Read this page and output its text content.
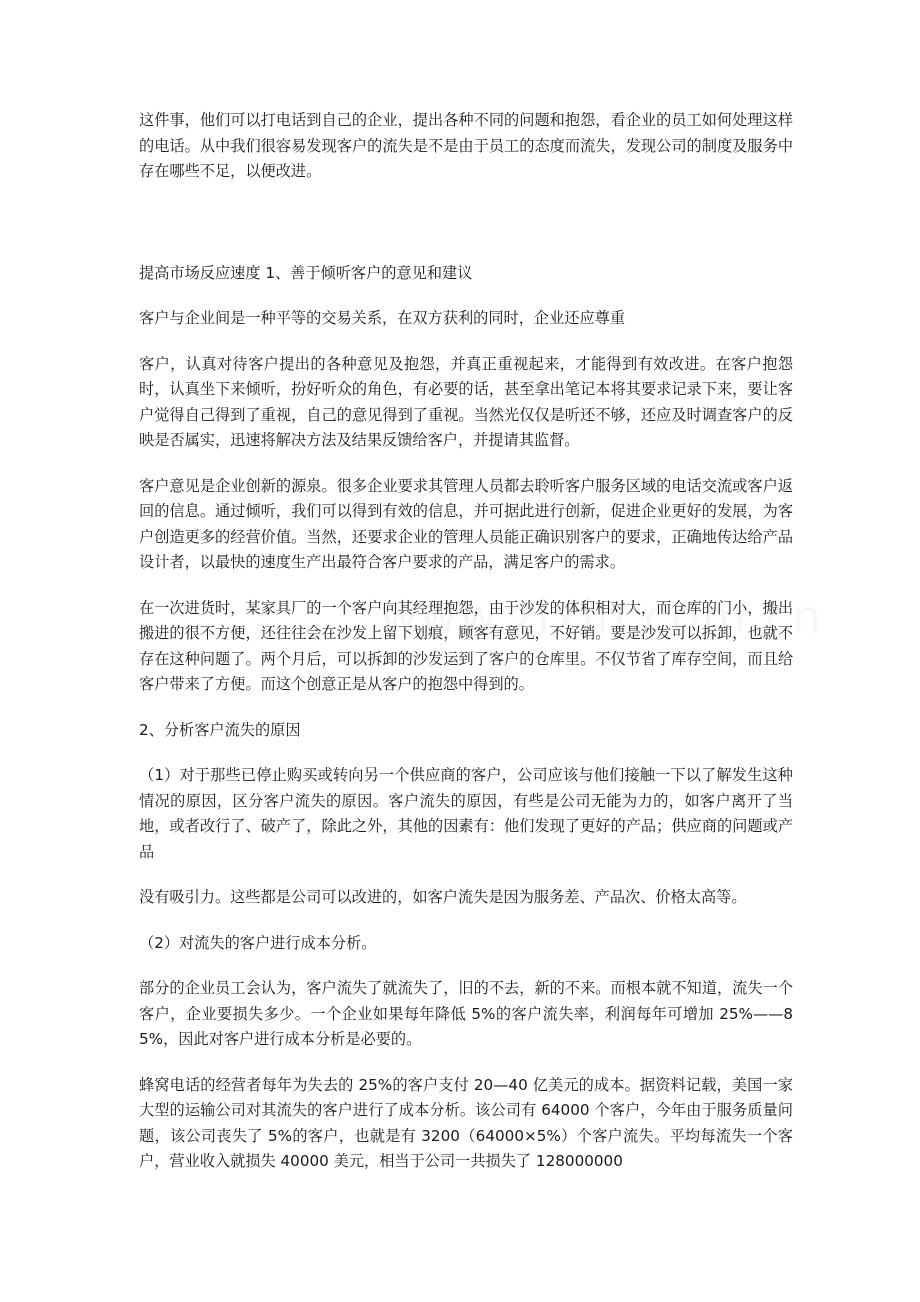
这件事，他们可以打电话到自己的企业，提出各种不同的问题和抱怨，看企业的员工如何处理这样的电话。从中我们很容易发现客户的流失是不是由于员工的态度而流失，发现公司的制度及服务中存在哪些不足，以便改进。

提高市场反应速度 1、善于倾听客户的意见和建议

客户与企业间是一种平等的交易关系，在双方获利的同时，企业还应尊重

客户，认真对待客户提出的各种意见及抱怨，并真正重视起来，才能得到有效改进。在客户抱怨时，认真坐下来倾听，扮好听众的角色，有必要的话，甚至拿出笔记本将其要求记录下来，要让客户觉得自己得到了重视，自己的意见得到了重视。当然光仅仅是听还不够，还应及时调查客户的反映是否属实，迅速将解决方法及结果反馈给客户，并提请其监督。

客户意见是企业创新的源泉。很多企业要求其管理人员都去聆听客户服务区域的电话交流或客户返回的信息。通过倾听，我们可以得到有效的信息，并可据此进行创新，促进企业更好的发展，为客户创造更多的经营价值。当然，还要求企业的管理人员能正确识别客户的要求，正确地传达给产品设计者，以最快的速度生产出最符合客户要求的产品，满足客户的需求。

在一次进货时，某家具厂的一个客户向其经理抱怨，由于沙发的体积相对大，而仓库的门小，搬出搬进的很不方便，还往往会在沙发上留下划痕，顾客有意见，不好销。要是沙发可以拆卸，也就不存在这种问题了。两个月后，可以拆卸的沙发运到了客户的仓库里。不仅节省了库存空间，而且给客户带来了方便。而这个创意正是从客户的抱怨中得到的。

2、分析客户流失的原因

（1）对于那些已停止购买或转向另一个供应商的客户，公司应该与他们接触一下以了解发生这种情况的原因，区分客户流失的原因。客户流失的原因，有些是公司无能为力的，如客户离开了当地，或者改行了、破产了，除此之外，其他的因素有：他们发现了更好的产品；供应商的问题或产品

没有吸引力。这些都是公司可以改进的，如客户流失是因为服务差、产品次、价格太高等。

（2）对流失的客户进行成本分析。

部分的企业员工会认为，客户流失了就流失了，旧的不去，新的不来。而根本就不知道，流失一个客户，企业要损失多少。一个企业如果每年降低 5%的客户流失率，利润每年可增加 25%——85%，因此对客户进行成本分析是必要的。

蜂窝电话的经营者每年为失去的 25%的客户支付 20—40 亿美元的成本。据资料记载，美国一家大型的运输公司对其流失的客户进行了成本分析。该公司有 64000 个客户，今年由于服务质量问题，该公司丧失了 5%的客户，也就是有 3200（64000×5%）个客户流失。平均每流失一个客户，营业收入就损失 40000 美元，相当于公司一共损失了 128000000
